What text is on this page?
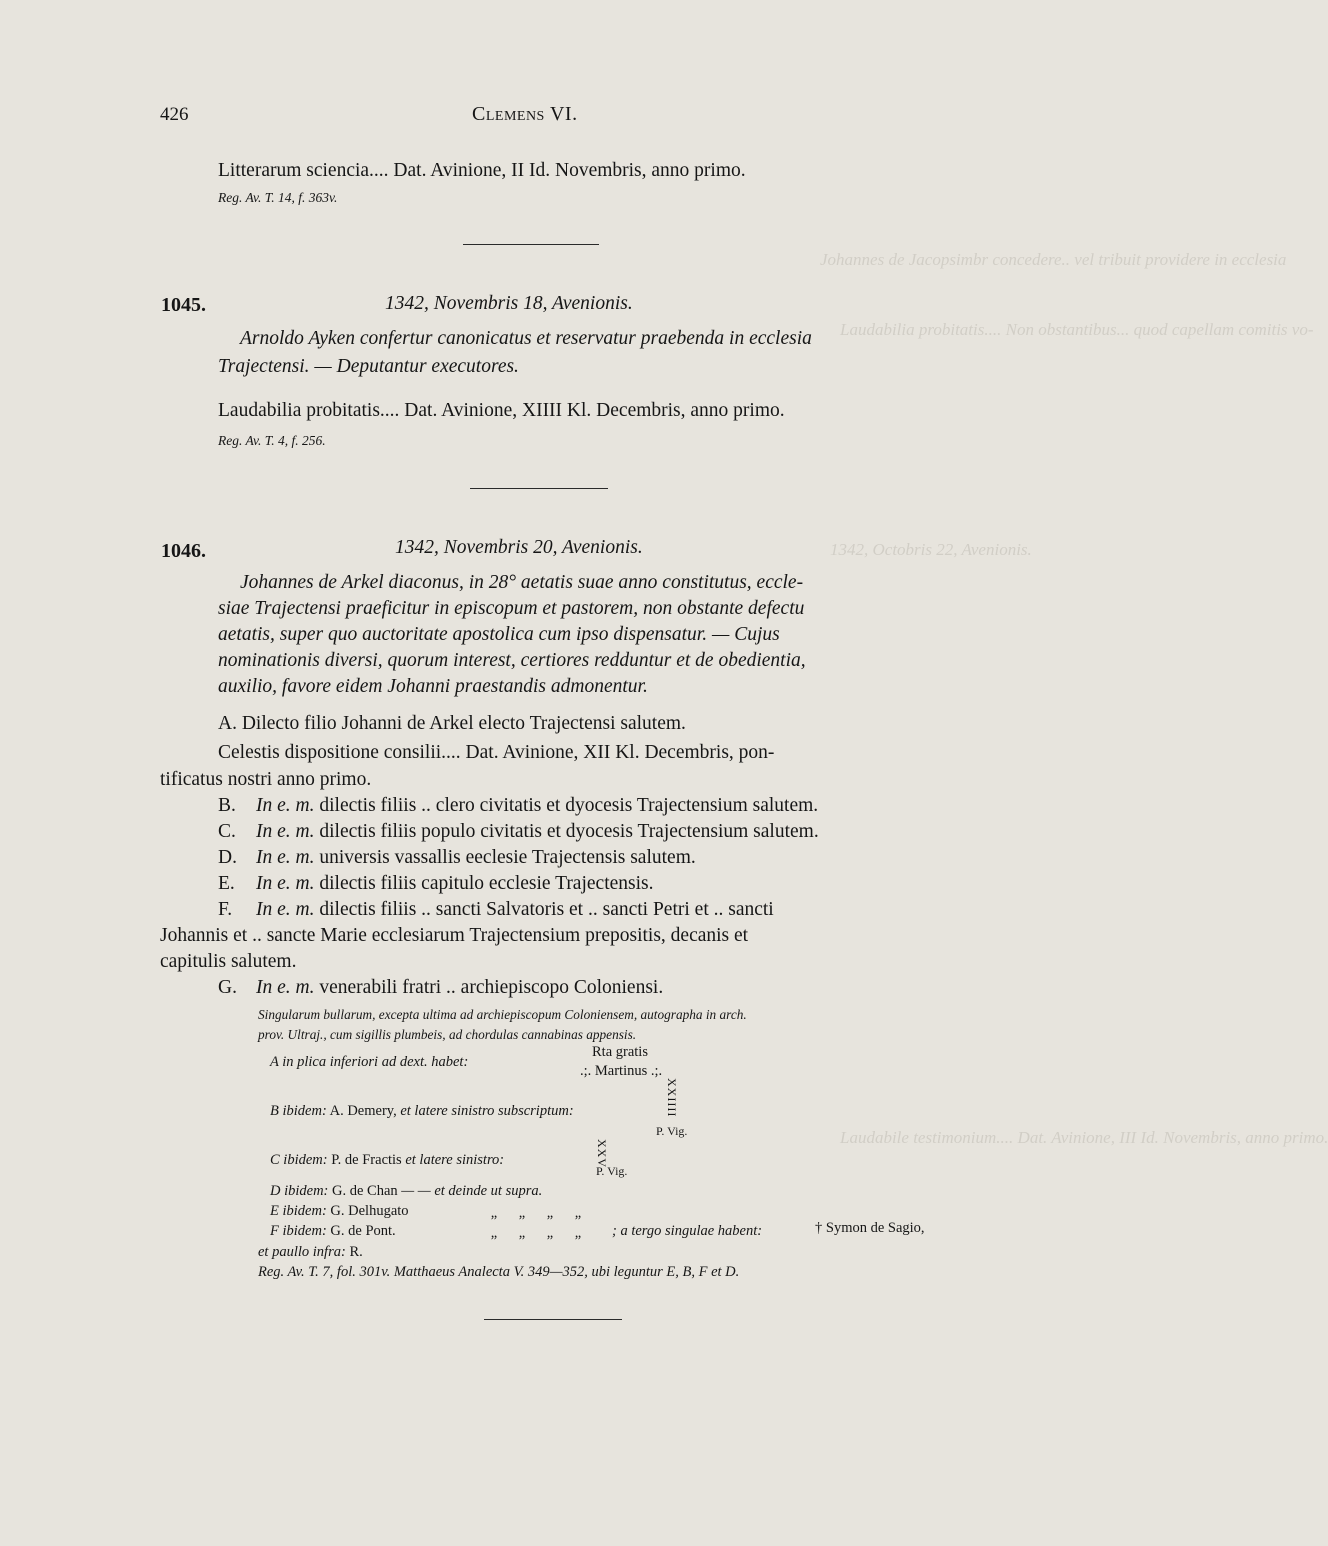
Johannes de Jacopsimbr concedere.. vel tribuit providere in ecclesia
Laudabilia probitatis.... Non obstantibus... quod capellam comitis vo-
1342, Octobris 22, Avenionis.
Laudabile testimonium.... Dat. Avinione, III Id. Novembris, anno primo.
426	Clemens VI.
Litterarum sciencia.... Dat. Avinione, II Id. Novembris, anno primo.
Reg. Av. T. 14, f. 363v.
1045.	1342, Novembris 18, Avenionis.
Arnoldo Ayken confertur canonicatus et reservatur praebenda in ecclesia
Trajectensi. — Deputantur executores.
Laudabilia probitatis.... Dat. Avinione, XIIII Kl. Decembris, anno primo.
Reg. Av. T. 4, f. 256.
1046.	1342, Novembris 20, Avenionis.
Johannes de Arkel diaconus, in 28° aetatis suae anno constitutus, eccle-
siae Trajectensi praeficitur in episcopum et pastorem, non obstante defectu
aetatis, super quo auctoritate apostolica cum ipso dispensatur. — Cujus
nominationis diversi, quorum interest, certiores redduntur et de obedientia,
auxilio, favore eidem Johanni praestandis admonentur.
A. Dilecto filio Johanni de Arkel electo Trajectensi salutem.
Celestis dispositione consilii.... Dat. Avinione, XII Kl. Decembris, pon-
tificatus nostri anno primo.
B. In e. m. dilectis filiis .. clero civitatis et dyocesis Trajectensium salutem.
C. In e. m. dilectis filiis populo civitatis et dyocesis Trajectensium salutem.
D. In e. m. universis vassallis eeclesie Trajectensis salutem.
E. In e. m. dilectis filiis capitulo ecclesie Trajectensis.
F. In e. m. dilectis filiis .. sancti Salvatoris et .. sancti Petri et .. sancti
Johannis et .. sancte Marie ecclesiarum Trajectensium prepositis, decanis et
capitulis salutem.
G. In e. m. venerabili fratri .. archiepiscopo Coloniensi.
Singularum bullarum, excepta ultima ad archiepiscopum Coloniensem, autographa in arch.
prov. Ultraj., cum sigillis plumbeis, ad chordulas cannabinas appensis.
A in plica inferiori ad dext. habet:
Rta gratis
.;. Martinus .;.
B ibidem: A. Demery, et latere sinistro subscriptum:	XXIIII
P. Vig.
C ibidem: P. de Fractis et latere sinistro:	XXV
P. Vig.
D ibidem: G. de Chan — — et deinde ut supra.
E ibidem: G. Delhugato	„ „ „ „
F ibidem: G. de Pont.	„ „ „ „	; a tergo singulae habent:	† Symon de Sagio,
et paullo infra: R.
Reg. Av. T. 7, fol. 301v. Matthaeus Analecta V. 349—352, ubi leguntur E, B, F et D.
